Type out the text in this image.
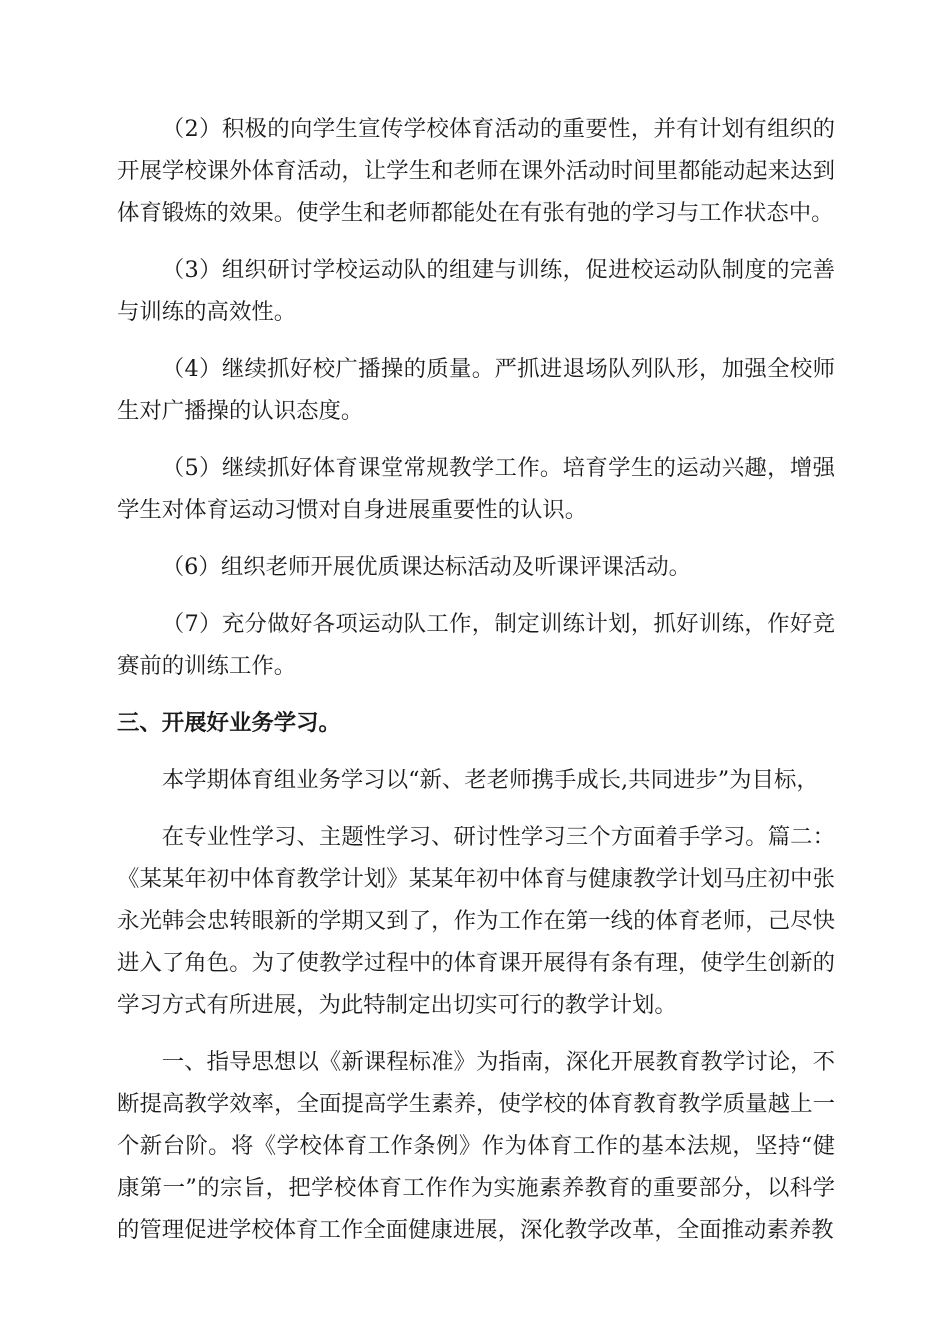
（2）积极的向学生宣传学校体育活动的重要性，并有计划有组织的开展学校课外体育活动，让学生和老师在课外活动时间里都能动起来达到体育锻炼的效果。使学生和老师都能处在有张有弛的学习与工作状态中。

（3）组织研讨学校运动队的组建与训练，促进校运动队制度的完善与训练的高效性。

（4）继续抓好校广播操的质量。严抓进退场队列队形，加强全校师生对广播操的认识态度。

（5）继续抓好体育课堂常规教学工作。培育学生的运动兴趣，增强学生对体育运动习惯对自身进展重要性的认识。

（6）组织老师开展优质课达标活动及听课评课活动。

（7）充分做好各项运动队工作，制定训练计划，抓好训练，作好竞赛前的训练工作。

三、开展好业务学习。

本学期体育组业务学习以“新、老老师携手成长,共同进步”为目标，

在专业性学习、主题性学习、研讨性学习三个方面着手学习。篇二：《某某年初中体育教学计划》某某年初中体育与健康教学计划马庄初中张永光韩会忠转眼新的学期又到了，作为工作在第一线的体育老师，己尽快进入了角色。为了使教学过程中的体育课开展得有条有理，使学生创新的学习方式有所进展，为此特制定出切实可行的教学计划。

一、指导思想以《新课程标准》为指南，深化开展教育教学讨论，不断提高教学效率，全面提高学生素养，使学校的体育教育教学质量越上一个新台阶。将《学校体育工作条例》作为体育工作的基本法规，坚持“健康第一”的宗旨，把学校体育工作作为实施素养教育的重要部分，以科学的管理促进学校体育工作全面健康进展，深化教学改革，全面推动素养教
